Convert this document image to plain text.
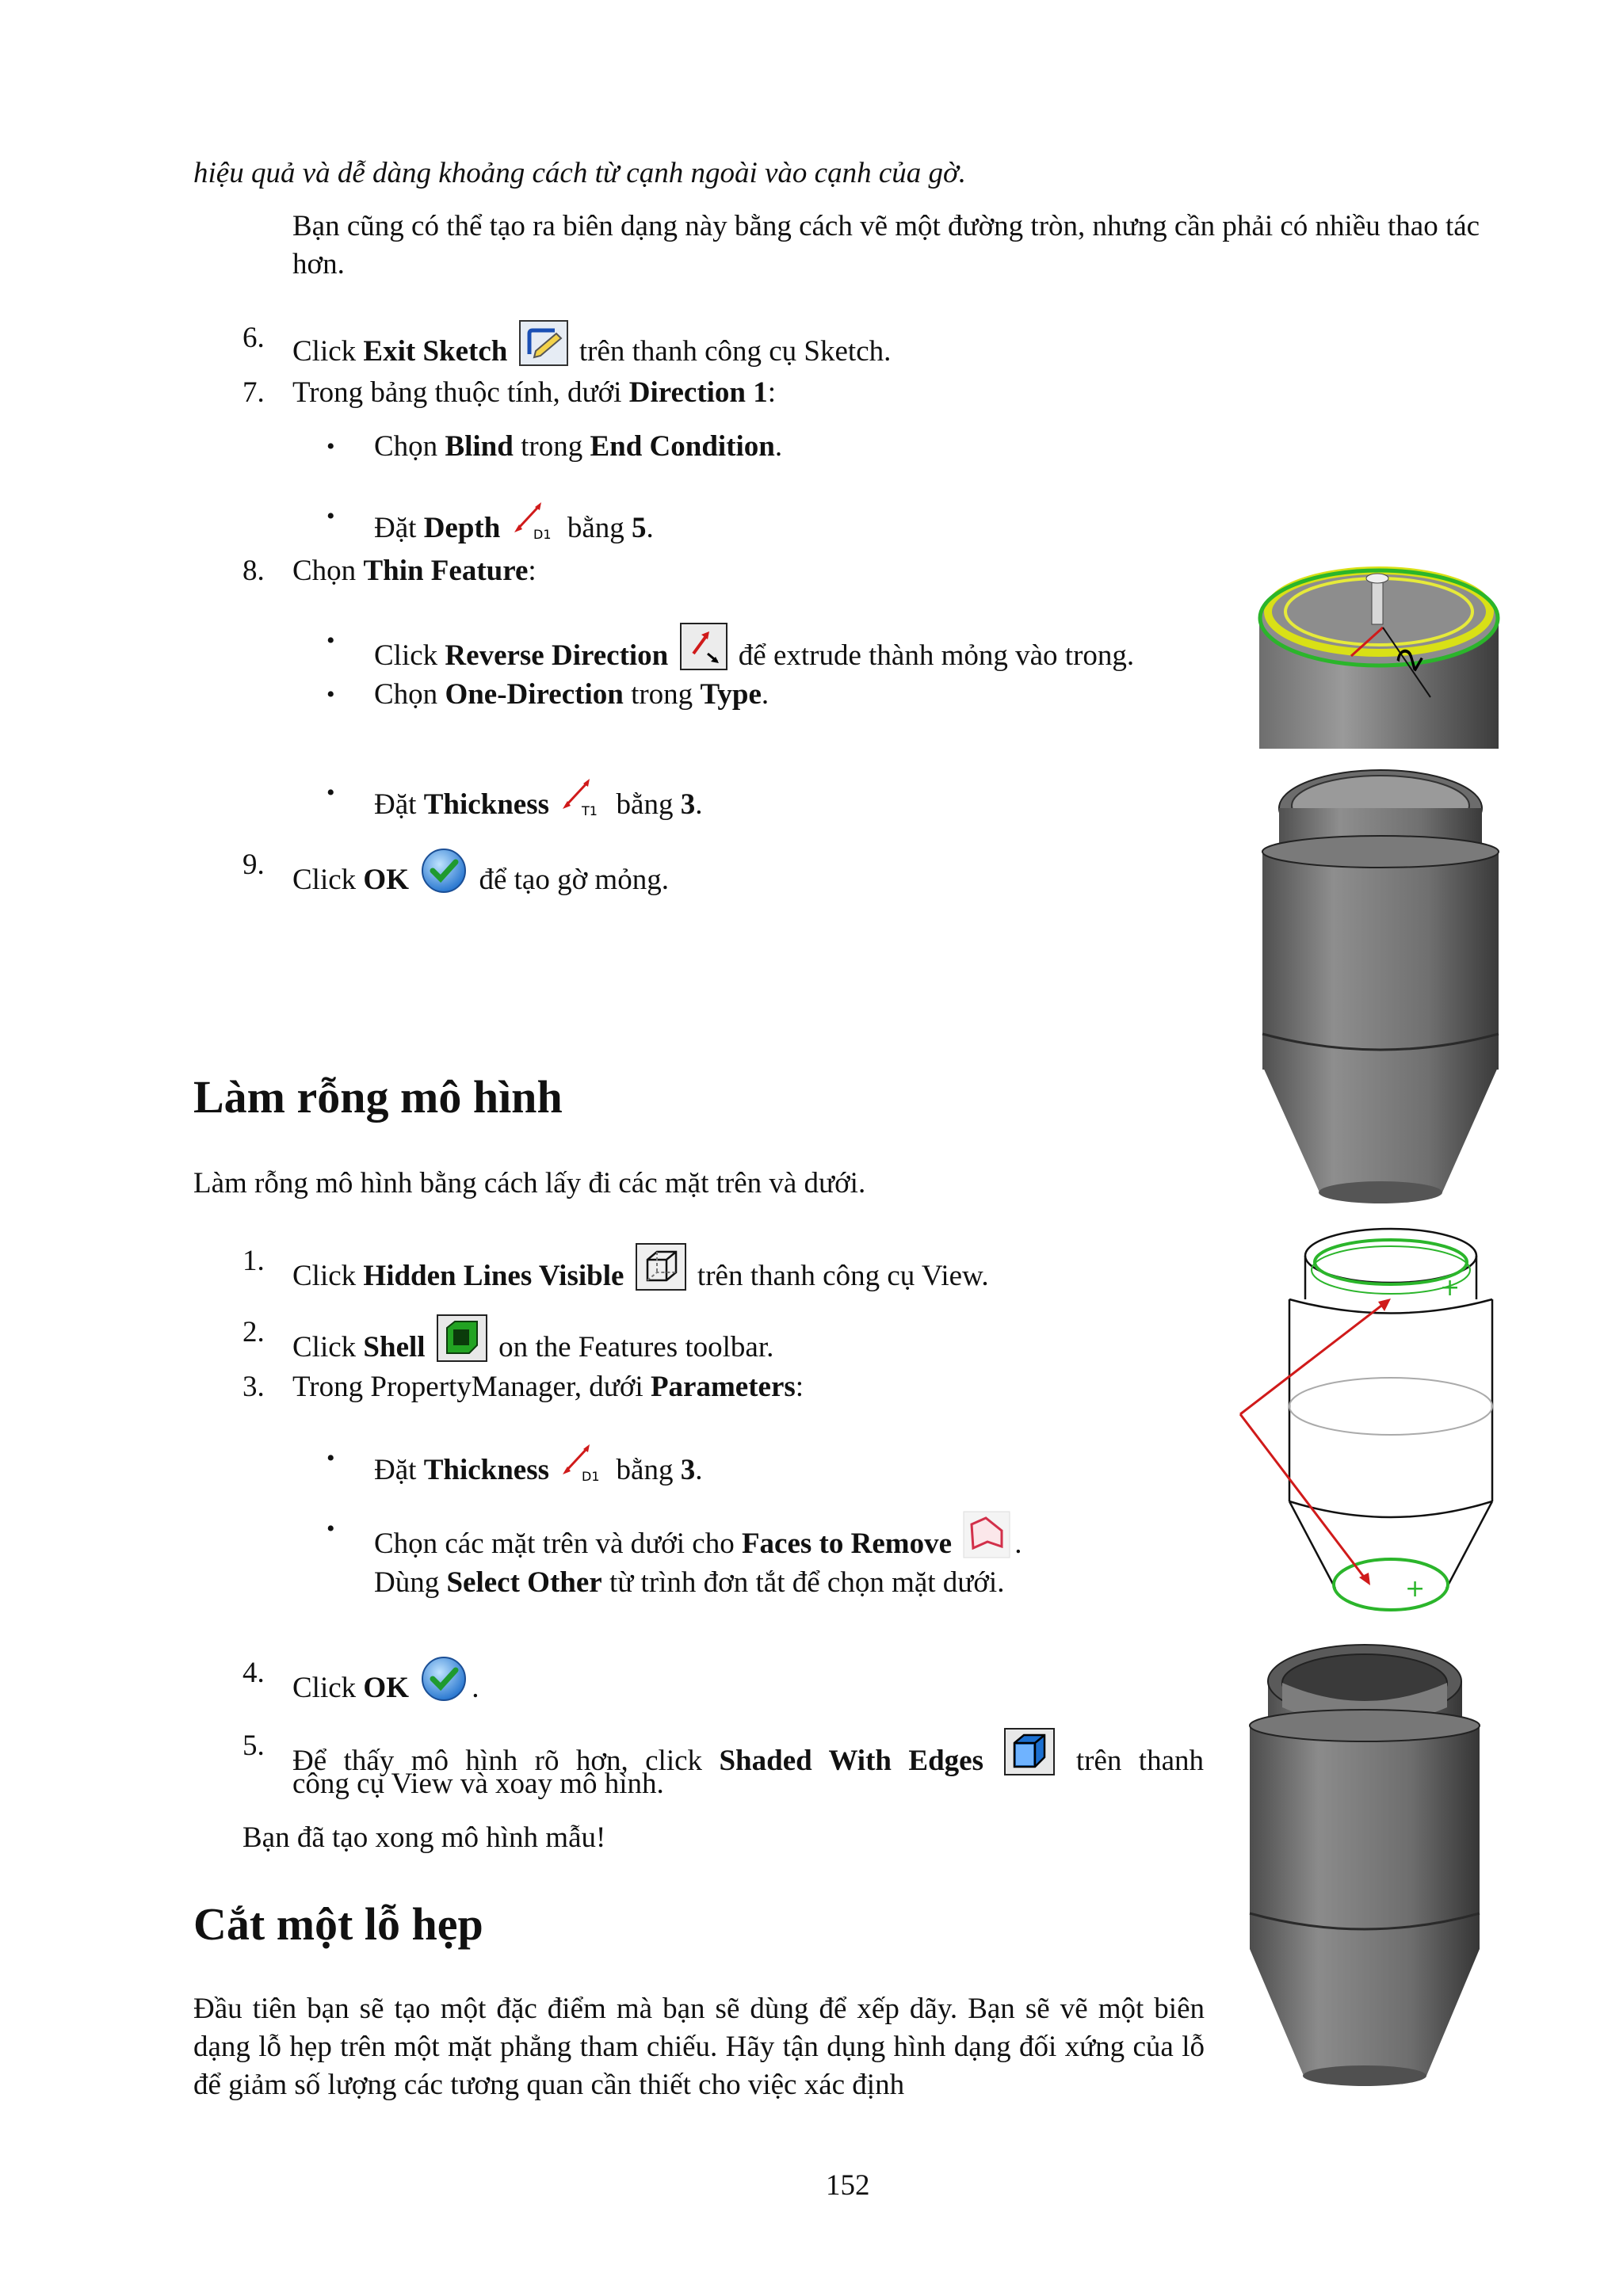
hiệu quả và dễ dàng khoảng cách từ cạnh ngoài vào cạnh của gờ.
Bạn cũng có thể tạo ra biên dạng này bằng cách vẽ một đường tròn, nhưng cần phải có nhiều thao tác hơn.
6. Click Exit Sketch  trên thanh công cụ Sketch.
7. Trong bảng thuộc tính, dưới Direction 1:
• Chọn Blind trong End Condition.
• Đặt Depth	D1 bằng 5.
8. Chọn Thin Feature:
• Click Reverse Direction  để extrude thành mỏng vào trong.
• Chọn One-Direction trong Type.
• Đặt Thickness	T1 bằng 3.
9. Click OK  để tạo gờ mỏng.
Làm rỗng mô hình
Làm rỗng mô hình bằng cách lấy đi các mặt trên và dưới.
1. Click Hidden Lines Visible  trên thanh công cụ View.
2. Click Shell  on the Features toolbar.
3. Trong PropertyManager, dưới Parameters:
• Đặt Thickness	D1 bằng 3.
• Chọn các mặt trên và dưới cho Faces to Remove .
Dùng Select Other từ trình đơn tắt để chọn mặt dưới.
4. Click OK .
5. Để thấy mô hình rõ hơn, click Shaded With Edges	trên thanh
công cụ View và xoay mô hình.
Bạn đã tạo xong mô hình mẫu!
Cắt một lỗ hẹp
Đầu tiên bạn sẽ tạo một đặc điểm mà bạn sẽ dùng để xếp dãy. Bạn sẽ vẽ một biên dạng lỗ hẹp trên một mặt phẳng tham chiếu. Hãy tận dụng hình dạng đối xứng của lỗ để giảm số lượng các tương quan cần thiết cho việc xác định
152
2
+
+
